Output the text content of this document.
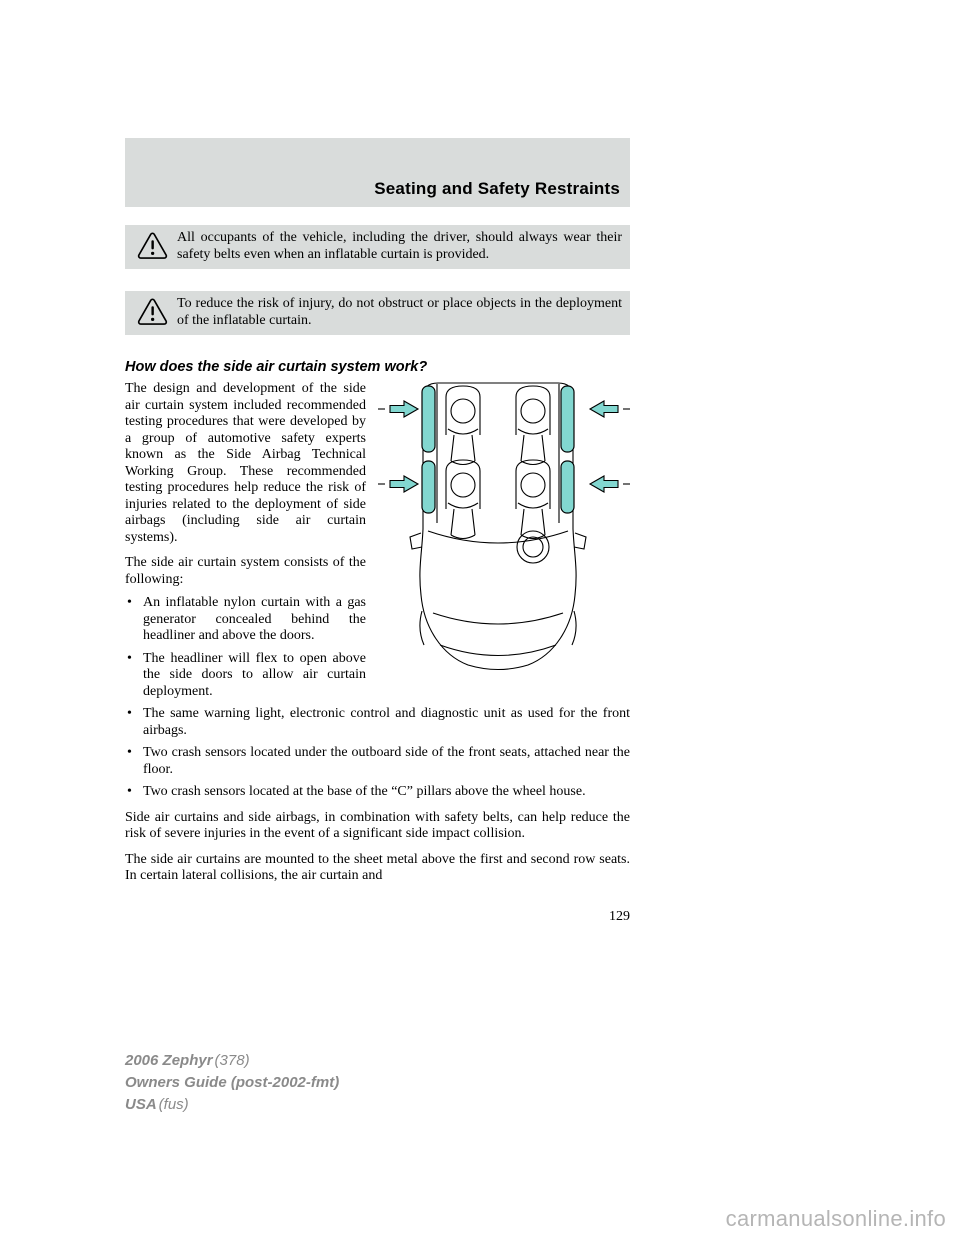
Seating and Safety Restraints
All occupants of the vehicle, including the driver, should always wear their safety belts even when an inflatable curtain is provided.
To reduce the risk of injury, do not obstruct or place objects in the deployment of the inflatable curtain.
How does the side air curtain system work?

The design and development of the side air curtain system included recommended testing procedures that were developed by a group of automotive safety experts known as the Side Airbag Technical Working Group. These recommended testing procedures help reduce the risk of injuries related to the deployment of side airbags (including side air curtain systems).

The side air curtain system consists of the following:

• An inflatable nylon curtain with a gas generator concealed behind the headliner and above the doors.
• The headliner will flex to open above the side doors to allow air curtain deployment.
• The same warning light, electronic control and diagnostic unit as used for the front airbags.
• Two crash sensors located under the outboard side of the front seats, attached near the floor.
• Two crash sensors located at the base of the “C” pillars above the wheel house.

Side air curtains and side airbags, in combination with safety belts, can help reduce the risk of severe injuries in the event of a significant side impact collision.

The side air curtains are mounted to the sheet metal above the first and second row seats. In certain lateral collisions, the air curtain and

129
2006 Zephyr (378)
Owners Guide (post-2002-fmt)
USA (fus)
carmanualsonline.info
